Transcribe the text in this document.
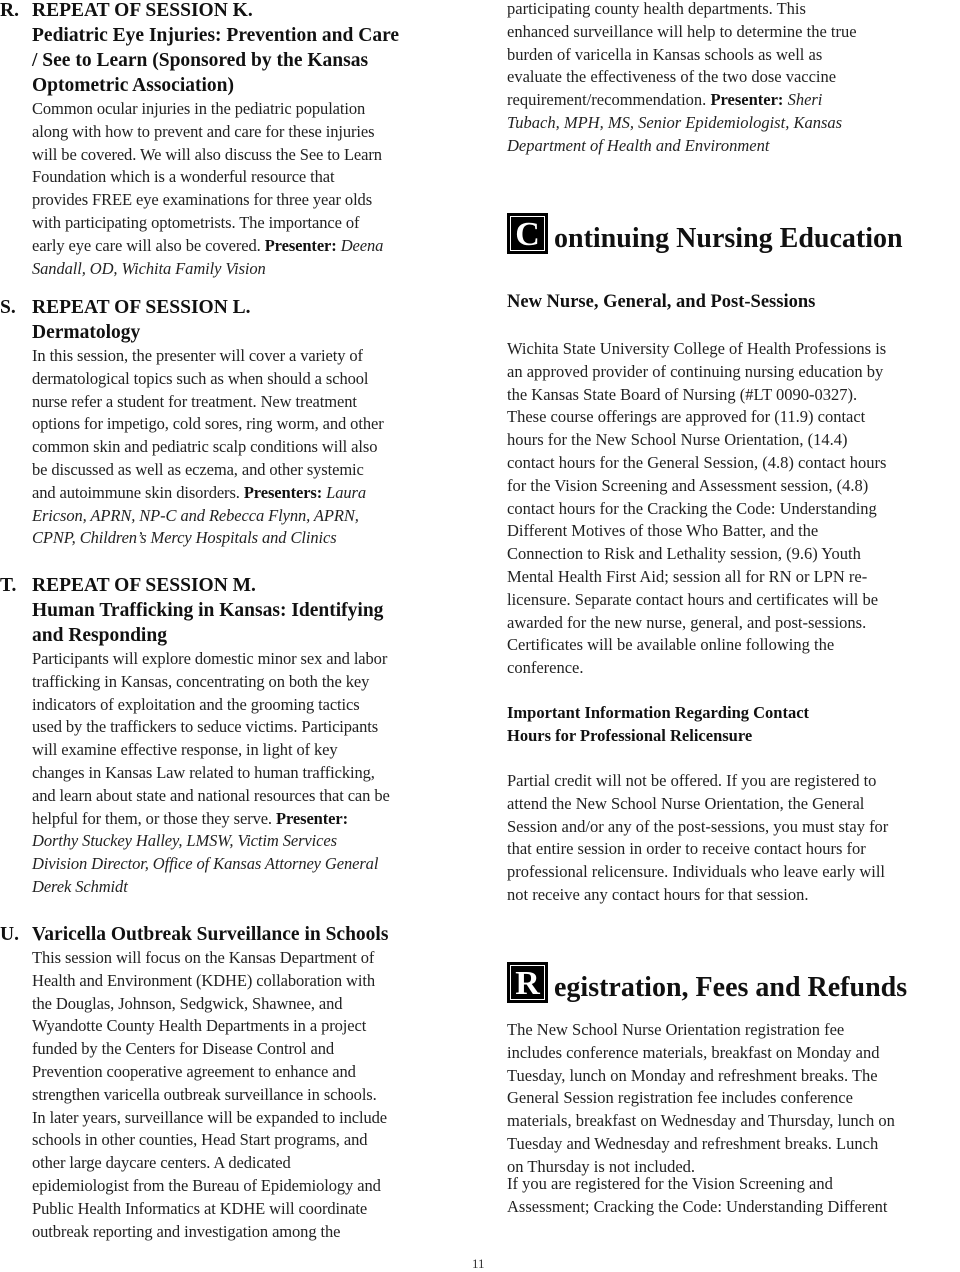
R. REPEAT OF SESSION K.
Pediatric Eye Injuries: Prevention and Care
/ See to Learn (Sponsored by the Kansas
Optometric Association)
Common ocular injuries in the pediatric population
along with how to prevent and care for these injuries
will be covered. We will also discuss the See to Learn
Foundation which is a wonderful resource that
provides FREE eye examinations for three year olds
with participating optometrists. The importance of
early eye care will also be covered. Presenter: Deena
Sandall, OD, Wichita Family Vision
S. REPEAT OF SESSION L.
Dermatology
In this session, the presenter will cover a variety of
dermatological topics such as when should a school
nurse refer a student for treatment. New treatment
options for impetigo, cold sores, ring worm, and other
common skin and pediatric scalp conditions will also
be discussed as well as eczema, and other systemic
and autoimmune skin disorders. Presenters: Laura
Ericson, APRN, NP-C and Rebecca Flynn, APRN,
CPNP, Children’s Mercy Hospitals and Clinics
T. REPEAT OF SESSION M.
Human Trafficking in Kansas: Identifying
and Responding
Participants will explore domestic minor sex and labor
trafficking in Kansas, concentrating on both the key
indicators of exploitation and the grooming tactics
used by the traffickers to seduce victims. Participants
will examine effective response, in light of key
changes in Kansas Law related to human trafficking,
and learn about state and national resources that can be
helpful for them, or those they serve. Presenter:
Dorthy Stuckey Halley, LMSW, Victim Services
Division Director, Office of Kansas Attorney General
Derek Schmidt
U. Varicella Outbreak Surveillance in Schools
This session will focus on the Kansas Department of
Health and Environment (KDHE) collaboration with
the Douglas, Johnson, Sedgwick, Shawnee, and
Wyandotte County Health Departments in a project
funded by the Centers for Disease Control and
Prevention cooperative agreement to enhance and
strengthen varicella outbreak surveillance in schools.
In later years, surveillance will be expanded to include
schools in other counties, Head Start programs, and
other large daycare centers. A dedicated
epidemiologist from the Bureau of Epidemiology and
Public Health Informatics at KDHE will coordinate
outbreak reporting and investigation among the
participating county health departments. This
enhanced surveillance will help to determine the true
burden of varicella in Kansas schools as well as
evaluate the effectiveness of the two dose vaccine
requirement/recommendation. Presenter: Sheri
Tubach, MPH, MS, Senior Epidemiologist, Kansas
Department of Health and Environment
C ontinuing Nursing Education
New Nurse, General, and Post-Sessions
Wichita State University College of Health Professions is
an approved provider of continuing nursing education by
the Kansas State Board of Nursing (#LT 0090-0327).
These course offerings are approved for (11.9) contact
hours for the New School Nurse Orientation, (14.4)
contact hours for the General Session, (4.8) contact hours
for the Vision Screening and Assessment session, (4.8)
contact hours for the Cracking the Code: Understanding
Different Motives of those Who Batter, and the
Connection to Risk and Lethality session, (9.6) Youth
Mental Health First Aid; session all for RN or LPN re-
licensure. Separate contact hours and certificates will be
awarded for the new nurse, general, and post-sessions.
Certificates will be available online following the
conference.
Important Information Regarding Contact
Hours for Professional Relicensure
Partial credit will not be offered. If you are registered to
attend the New School Nurse Orientation, the General
Session and/or any of the post-sessions, you must stay for
that entire session in order to receive contact hours for
professional relicensure. Individuals who leave early will
not receive any contact hours for that session.
R egistration, Fees and Refunds
The New School Nurse Orientation registration fee
includes conference materials, breakfast on Monday and
Tuesday, lunch on Monday and refreshment breaks. The
General Session registration fee includes conference
materials, breakfast on Wednesday and Thursday, lunch on
Tuesday and Wednesday and refreshment breaks. Lunch
on Thursday is not included.
If you are registered for the Vision Screening and
Assessment; Cracking the Code: Understanding Different
11
